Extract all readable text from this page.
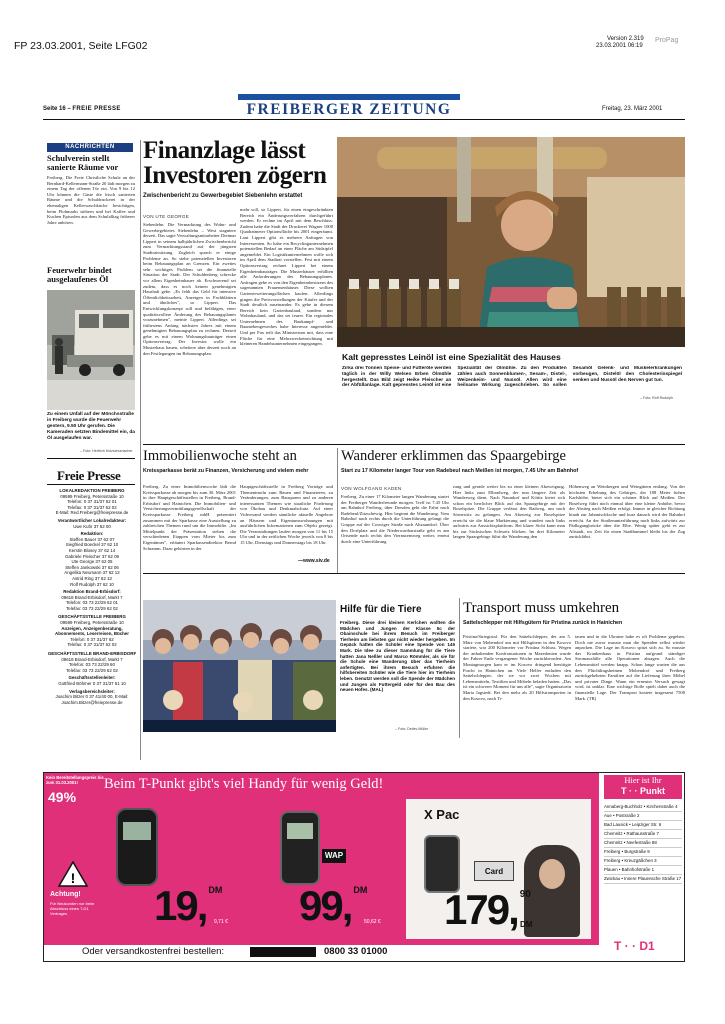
FP 23.03.2001, Seite LFG02
Version 2.319
23.03.2001 06:19
ProPag
Seite 16 – FREIE PRESSE	FREIBERGER ZEITUNG	Freitag, 23. März 2001
NACHRICHTEN
Schulverein stellt sanierte Räume vor
Freiberg. Die Freie Christliche Schule an der Bernhard-Kellermann-Straße 20 lädt morgen zu einem Tag der offenen Tür ein. Von 9 bis 12 Uhr können die Gäste die frisch sanierten Räume und die Schuldruckerei in der ehemaligen Kellerwaschküche besichtigen, beim Flohmarkt stöbern und bei Kaffee und Kuchen Episoden aus dem Schulalltag früherer Jahre anhören.
Feuerwehr bindet ausgelaufenes Öl
Zu einem Unfall auf der Mönchsstraße in Freiberg wurde die Feuerwehr gestern, 9.50 Uhr gerufen. Die Kameraden setzten Bindemittel ein, da Öl ausgelaufen war.
– Foto: Hertrich Holzschumacher
Freie Presse
LOKALREDAKTION FREIBERG
09599 Freiberg, Petersstraße 10
Telefon: 0 37 31/37 62 01
Telefax: 0 37 31/37 62 02
E-Mail: Red.Freiberg@freiepresse.de
Verantwortlicher Lokalredakteur:
Uwe Kuhr 37 62 00
Redaktion:
Steffen Bauer 37 62 07
Siegfried Boeckel 37 62 10
Kerstin Blosey 37 62 14
Gabriele Fleischer 37 62 09
Ute George 37 62 05
Steffen Jankowski 37 62 06
Angelika Neumann 37 62 12
Astrid Ring 37 62 13
Rolf Rudolph 37 62 10
Redaktion Brand-Erbisdorf:
09618 Brand-Erbisdorf, Markt 7
Telefon: 03 73 22/29 62 01
Telefax: 03 73 22/29 62 02
GESCHÄFTSSTELLE FREIBERG
09599 Freiberg, Petersstraße 10
Anzeigen, Anzeigenberatung,
Abonnements, Leserreisen, Bücher
Telefon: 0 37 31/37 62
Telefax: 0 37 31/37 62 02
GESCHÄFTSSTELLE BRAND-ERBISDORF
09618 Brand-Erbisdorf, Markt 7
Telefon: 03 73 22/29 60
Telefax: 03 73 22/29 62 02
Geschäftsstellenleiter:
Gottfried Böhmer 0 37 31/37 61 10
Verlagsbereichsleiter:
Joachim Bitzer 0 37 41/40 00, E-Mail:
Joachim.Bitzer@freiepresse.de
Finanzlage lässt
Investoren zögern
Zwischenbericht zu Gewerbegebiet Siebenlehn erstattet
VON UTE GEORGE
Siebenlehn. Die Vermarktung des Wohn- und Gewerbegebietes Siebenlehn – West stagniere derzeit. Das sagte Verwaltungsmitarbeiter Dietmar Lippert in seinem halbjährlichen Zwischenbericht zum Vermarktungsstand auf der jüngsten Stadtratssitzung. Zugleich sprach er einige Probleme an. So stehe potenziellen Investoren beim Bebauungsplan an Grenzen. Ein zweites sehr wichtiges Problem sei die finanzielle Situation der Stadt. Der Schuldenberg schrecke vor allem Eigenheimbauer ab. Erschwerend sei zudem, dass es noch keinen genehmigten Haushalt gebe. „Es fehlt das Geld für intensive Öffentlichkeitsarbeit, Anzeigen in Fachblättern und ähnliches", so Lippert. Das Entwicklungskonzept soll und befähigen, einer qualitätsvollere Änderung des Bebauungsplanes vorzunehmen", meinte Lippert. Allerdings sei frühestens Anfang nächsten Jahres mit einem genehmigten Bebauungsplan zu rechnen. Derzeit gebe es mit einem Wohnungsbauträger einen Optionsvertrag. Der Investor wolle ein Musterhaus bauen, scheitere aber derzeit noch an den Festlegungen im Bebauungsplan.
mehr soll, so Lippert, für einen eingeschränkten Bereich ein Änderungsverfahren durchgeführt werden. Er rechne im April mit dem Beschluss. Zudem habe die Stadt der Druckerei Wagner 1000 Quadratmeter Optionsfläche bis 2001 eingeräumt. Laut Lippert gibt es mehrere Anfragen von Interessenten. So habe ein Recyclingunternehmen potenziellen Bedarf an einer Fläche am Südzipfel angemeldet. Ein Logistikunternehmen wolle sich im April dem Stadtrat vorstellen. Fest mit einem Optionsvertrag rechnet Lippert bei einem Eigenheimbauträger. Die Musterhäuser erfüllten alle Anforderungen des Bebauungsplanes. Anfragen gebe es von den Eigenheimbesitzern des sogenannten Frauensenhäuser. Diese wollten Gartenerweiterungsflächen kaufen. Allerdings gingen die Preisvorstellungen der Käufer und der Stadt deutlich auseinander. Es gebe in diesem Bereich kein Gartenbauland, sondern nur Wohnbauland, und das sei teurer. Ein regionales Unternehmen des Baukampf- und Baumebengewerbes habe Interesse angemeldet. Und per Fax teilt das Ministerium mit, dass eine Fläche für eine Mehrzweckeinrichtung mit kleineren Handelsunternehmen eingegangen.
Kalt gepresstes Leinöl ist eine Spezialität des Hauses
Zirka drei Tonnen Speise- und Futteröle werden täglich in der Willy Welsen Erben Ölmühle hergestellt. Das Bild zeigt Heike Fleischer an der Abfüllanlage. Kalt gepresstes Leinöl ist eine Spezialität der Ölmühle. Zu den Produkten zählen auch Sonnenblumen-, Sesam-, Distel-, Weizenkeim- und Nussöl. Allen wird eine heilsame Wirkung zugeschrieben. So sollen Sesamöl Gelenk- und Muskelerkrankungen vorbeugen, Distelöl den Cholesterinspiegel senken und Nussöl den Nerven gut tun.
– Foto: Rolf Rudolph
Immobilienwoche steht an
Kreissparkasse berät zu Finanzen, Versicherung und vielem mehr
Freiberg. Zu einer Immobilienwoche lädt die Kreissparkasse ab morgen bis zum 30. März 2001 in ihre Hauptgeschäftsstellen in Freiberg, Brand-Erbisdorf und Hainichen. Die Immobilien- und Versicherungsvermittlungsgesellschaft der Kreissparkasse Freiberg mbH präsentiert zusammen mit der Sparkasse eine Ausstellung zu zahlreichen Themen rund um die Immobilie. „Im Mittelpunkt der Präsentation stehen die verschiedenen Etappen vom Mieter bis zum Eigentümer", erläutert Sparkassendirektor Bernd Schramm. Dazu gehörten in der
Hauptgeschäftsstelle in Freiberg Vorträge und Themeninseln zum Bauen und Finanzieren, zu Veränderungen, zum Bausparen und zu anderen interessanten Themen wie staatliche Förderung von Ökobau und Denkmalschutz. Auf einer Videowand werden sämtliche aktuelle Angebote an Häusern und Eigentumswohnungen mit ausführlichen Informationen zum Objekt gezeigt. Die Veranstaltungen laufen morgen von 11 bis 15 Uhr und in der zeitlichen Woche jeweils von 8 bis 15 Uhr, Dienstags und Donnerstags bis 18 Uhr.
—www.siv.de
Wanderer erklimmen das Spaargebirge
Start zu 17 Kilometer langer Tour von Radebeul nach Meißen ist morgen, 7.45 Uhr am Bahnhof
VON WOLFGANG KADEN
Freiberg. Zu einer 17 Kilometer langen Wanderung startet der Freiberger Wanderfreunde morgen. Treff ist 7.45 Uhr am Bahnhof Freiberg, über Dresden geht die Fahrt nach Radebeul/Zitzschewig. Hier beginnt die Wanderung. Vom Bahnhof nach rechts durch die Unterführung gelangt die Gruppe auf der Coswiger Straße nach Altzaundorf. Über den Dorfplatz und die Niederwartharstraße geht es am Ortsende nach rechts den Viernutensweg weiter, erneut durch eine Unterführung
rung und gerade weiter bis zu einer kleinen Abzweigung. Hier links zum Elbradweg, der nun längere Zeit als Wanderweg dient. Nach Naundorf und Kötitz bietet sich schon ein herrlicher Blick auf das Spaargebirge mit der Boselspitze. Die Gruppe verlässt den Radweg, um nach Sörnewitz zu gelangen. Am Abzweig zur Boselspitze erreicht sie die blaue Markierung und wandert nach links aufwärts zur Aussichtsplattform. Bei klarer Sicht kann man bis zur Sächsischen Schweiz blicken. Im drei Kilometer langen Spaargebirge führt die Wanderung den
Höhenweg an Weinbergen und Weingütern entlang. Von der höchsten Erhebung des Gebirges, der 188 Meter hohen Karlshöhe, bietet sich ein schöner Blick auf Meißen. Der Boselweg führt noch einmal über eine kleine Anhöhe, bevor der Abstieg nach Meißen erfolgt. Immer in gleicher Richtung hinab zur Jahnnischksche und kurz danach wird der Bahnhof erreicht. An der Straßenunterführung nach links aufwärts zur Pädlogangbrücke über die Elbe. Wenig später geht es zur Altstadt, wo Zeit für einen Stadtbummel bleibt bis der Zug zurückfährt.
Hilfe für die Tiere
Freiberg. Diese drei kleinen Kerlchen wollten die Mädchen und Jungen der Klasse 5c der Obainschule bei ihrem Besuch im Freiberger Tierheim am liebsten gar nicht wieder hergeben. Im Gepäck hatten die Schüler eine Spende von 145 Mark. Die Idee zu dieser Sammlung für die Tiere hatten Jana Neßler und Marco Römmler, als sie für die Schule eine Wanderung über das Tierheim anfertigten. Bei ihrem Besuch erfuhren die hilfsbereiten Schüler wie die Tiere hier im Tierheim leben. Genutzt werden soll die Spende der Mädchen und Jungen als Futtergeld oder für den Bau des neuen Hofes. (MAL)
– Foto: Detlev Müller
Transport muss umkehren
Sattelschlepper mit Hilfsgütern für Pristina zurück in Hainichen
Pristina/Striegistal. Für den Sattelschlepper, der am 5. März von Mobendorf aus mit Hilfsgütern in den Kosovo startete, war 200 Kilometer vor Pristina Schluss. Wegen der anhaltenden Konfrontationen in Mazedonien wurde der Fahrer Ende vergangener Woche zurückbeordert. Am Montagmorgen kam er im Kosovo dringend benötigte Fracht in Hainichen an. Viele Helfer entluden den Sattelschlepper, der sie vor zwei Wochen mit Lebensmitteln, Textilien und Möbeln beladen hatten. „Das ist ein schwerer Moment für uns alle", sagte Organisatorin Maria Jagstedt. Bei den mehr als 20 Hilfstransporten in den Kosovo, nach Ti-
tauen und in die Ukraine habe es oft Probleme gegeben. Doch nie zuvor musste man die Spenden selbst wieder anpacken. Die Lage im Kosovo spitzt sich zu. So musste das Krankenhaus in Pristina aufgrund ständiger Stromausfälle alle Operationen absagen. Auch die Lebensmittel werden knapp. Schon lange warten die aus den Flüchtlingsheimen Mobendorf und Freiberg zurückgekehrten Familien auf die Lieferung ihrer Möbel und privater Dinge. Wann ein erneuter Versuch gewagt wird, ist unklar. Eine wichtige Rolle spielt dabei auch die finanzielle Lage. Der Transport kostete insgesamt 7500 Mark. (TR)
Kein Bereitstellungspreis bis zum 31.03.2001!
49%
Beim T-Punkt gibt's viel Handy für wenig Geld!	Hier ist Ihr
T · · Punkt
Annaberg-Buchholz • Kirchenstraße 4
Aue • Postsraße 2
Bad Lausick • Leipziger Str. 6
Chemnitz • Rathausstraße 7
Chemnitz • Neefestraße 88
Freiberg • Burgstraße 9
Freiberg • Kreuzgäßchen 3
Plauen • Bahnhofstraße 1
Zwickau • Innere Plauensche Straße 17
!
Achtung!
Für Neukunden nur beim Abschluss eines T-D1 Vertrages
WAP
19, $^{DM}$
9,71 € 99, $^{DM}$
50,62 €
X Pac
Card
179, $^{90}$
DM
Oder versandkostenfrei bestellen:	0800 33 01000	T · · D1
